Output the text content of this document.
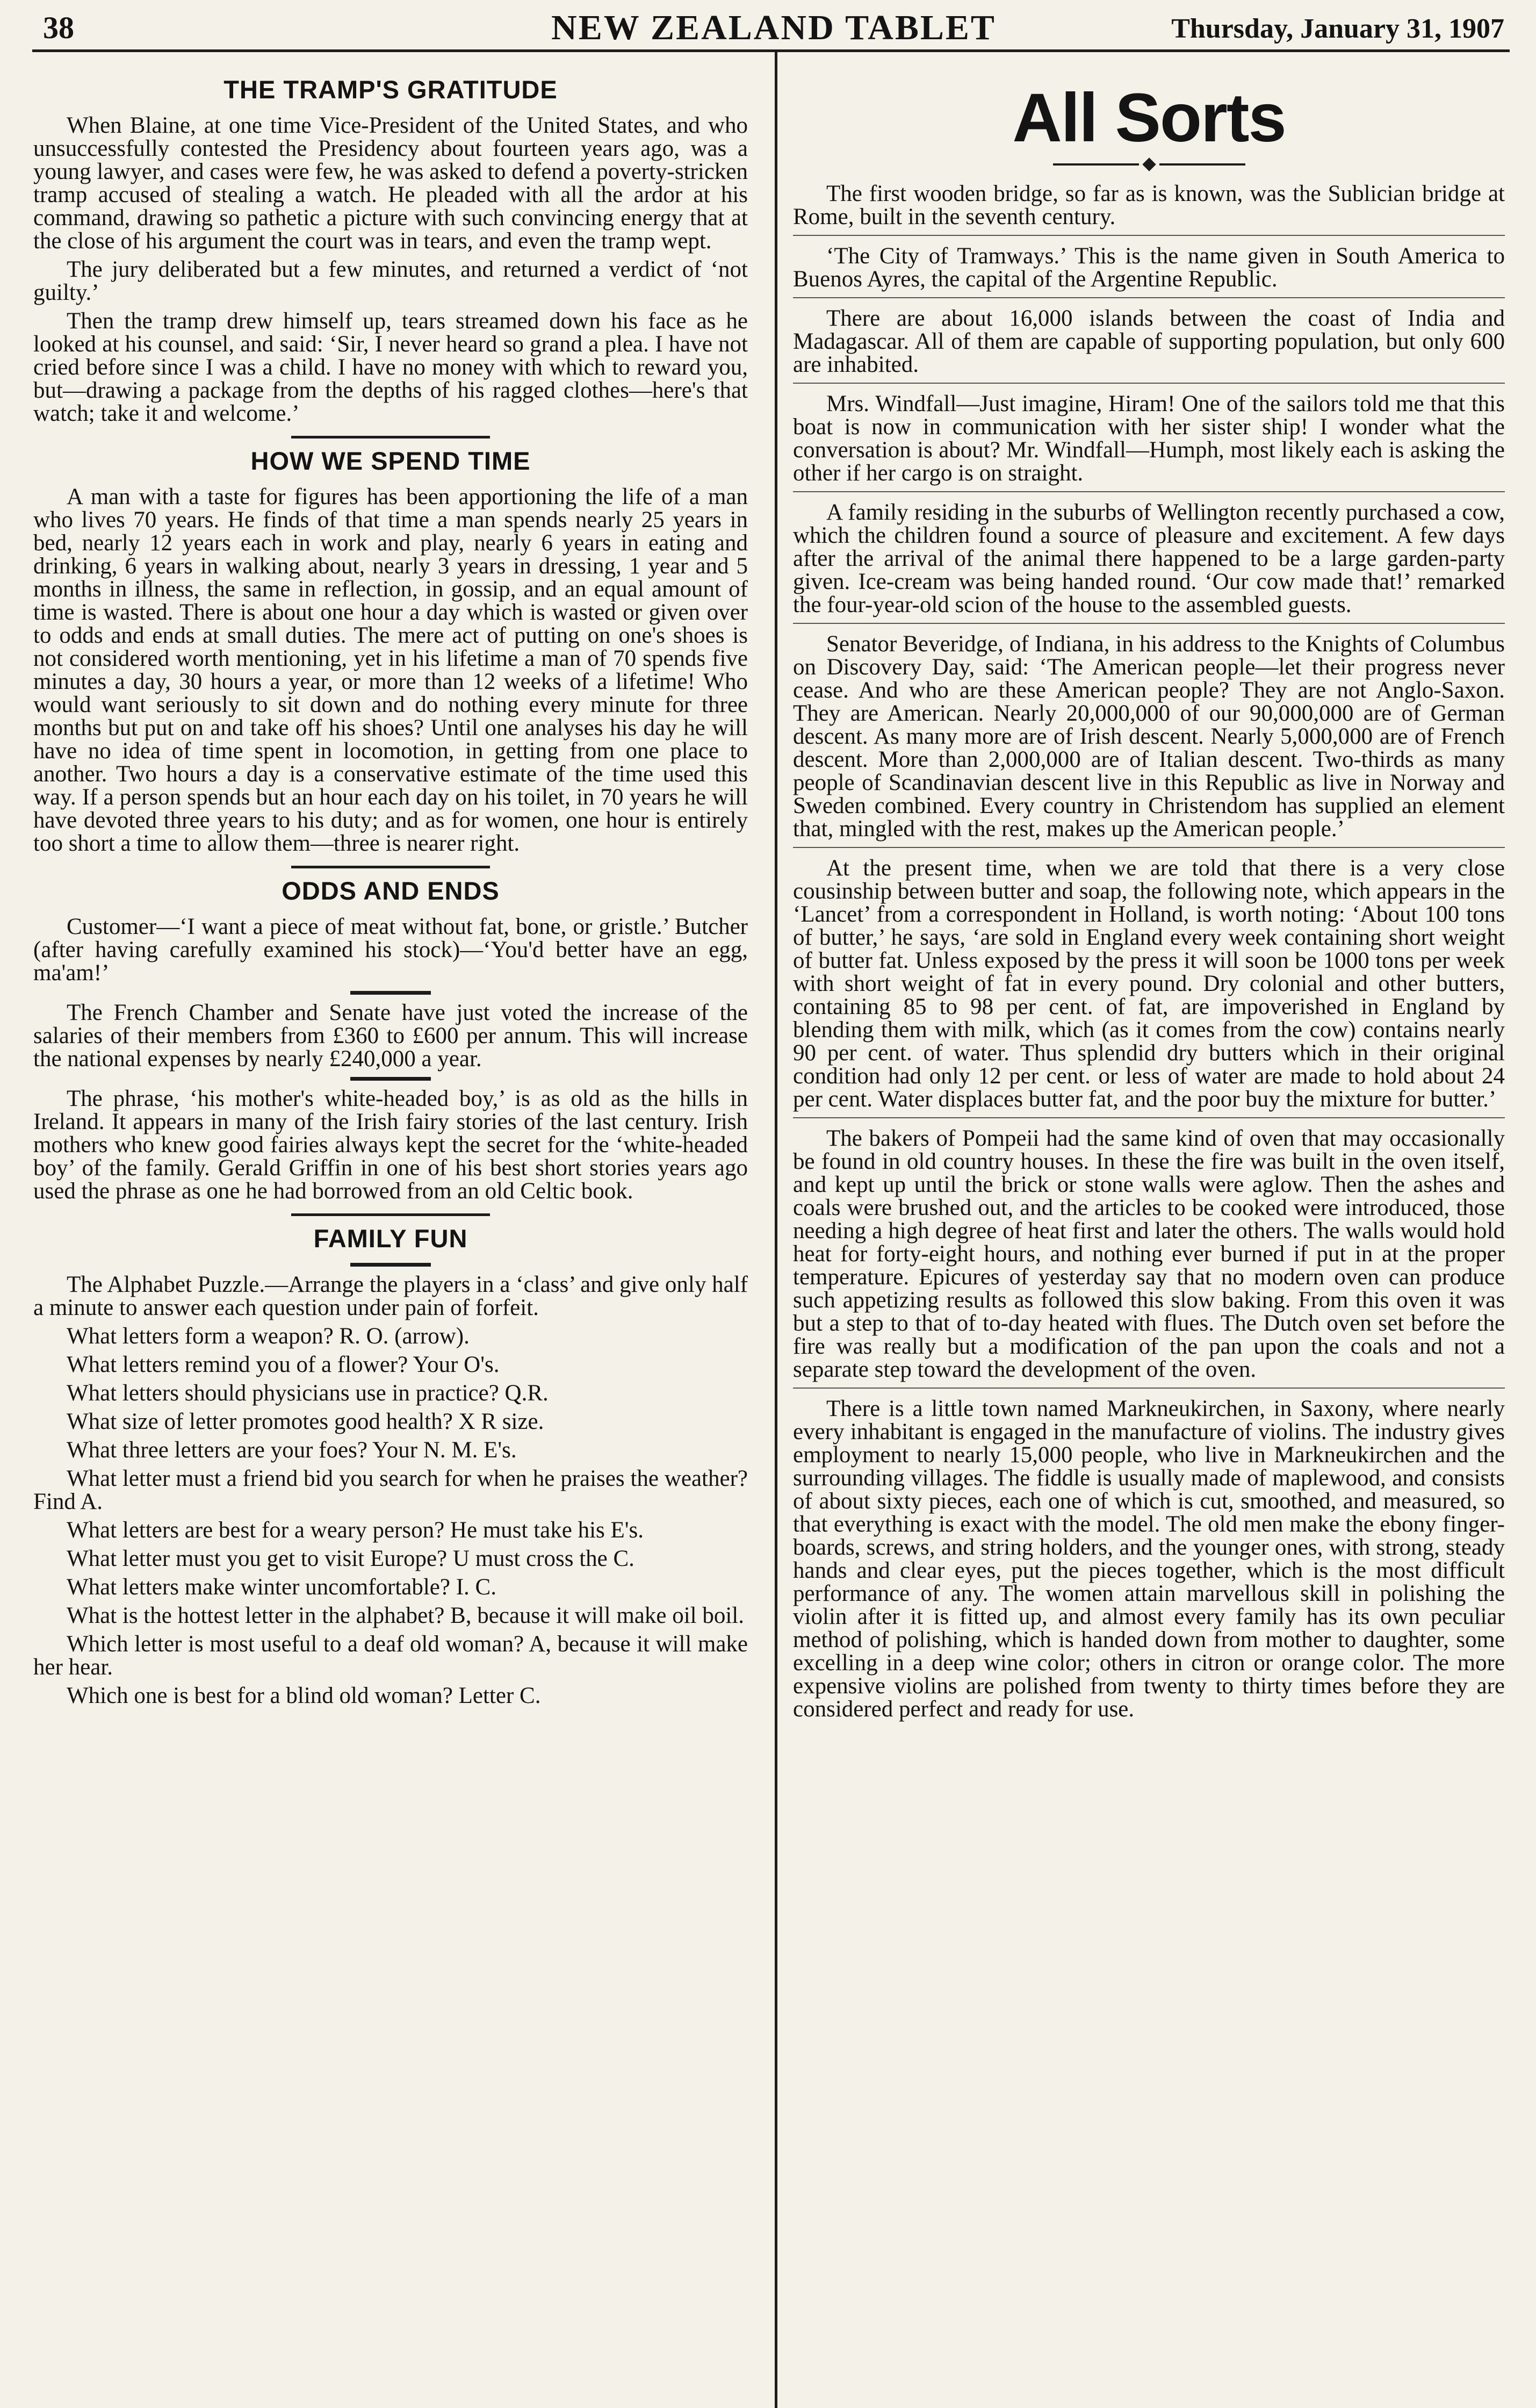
38	NEW ZEALAND TABLET	Thursday, January 31, 1907
THE TRAMP'S GRATITUDE

When Blaine, at one time Vice-President of the United States, and who unsuccessfully contested the Presidency about fourteen years ago, was a young lawyer, and cases were few, he was asked to defend a poverty-stricken tramp accused of stealing a watch. He pleaded with all the ardor at his command, drawing so pathetic a picture with such convincing energy that at the close of his argument the court was in tears, and even the tramp wept.

The jury deliberated but a few minutes, and returned a verdict of ‘not guilty.’

Then the tramp drew himself up, tears streamed down his face as he looked at his counsel, and said: ‘Sir, I never heard so grand a plea. I have not cried before since I was a child. I have no money with which to reward you, but—drawing a package from the depths of his ragged clothes—here's that watch; take it and welcome.’

HOW WE SPEND TIME

A man with a taste for figures has been apportioning the life of a man who lives 70 years. He finds of that time a man spends nearly 25 years in bed, nearly 12 years each in work and play, nearly 6 years in eating and drinking, 6 years in walking about, nearly 3 years in dressing, 1 year and 5 months in illness, the same in reflection, in gossip, and an equal amount of time is wasted. There is about one hour a day which is wasted or given over to odds and ends at small duties. The mere act of putting on one's shoes is not considered worth mentioning, yet in his lifetime a man of 70 spends five minutes a day, 30 hours a year, or more than 12 weeks of a lifetime! Who would want seriously to sit down and do nothing every minute for three months but put on and take off his shoes? Until one analyses his day he will have no idea of time spent in locomotion, in getting from one place to another. Two hours a day is a conservative estimate of the time used this way. If a person spends but an hour each day on his toilet, in 70 years he will have devoted three years to his duty; and as for women, one hour is entirely too short a time to allow them—three is nearer right.

ODDS AND ENDS

Customer—‘I want a piece of meat without fat, bone, or gristle.’ Butcher (after having carefully examined his stock)—‘You'd better have an egg, ma'am!’

The French Chamber and Senate have just voted the increase of the salaries of their members from £360 to £600 per annum. This will increase the national expenses by nearly £240,000 a year.

The phrase, ‘his mother's white-headed boy,’ is as old as the hills in Ireland. It appears in many of the Irish fairy stories of the last century. Irish mothers who knew good fairies always kept the secret for the ‘white-headed boy’ of the family. Gerald Griffin in one of his best short stories years ago used the phrase as one he had borrowed from an old Celtic book.

FAMILY FUN

The Alphabet Puzzle.—Arrange the players in a ‘class’ and give only half a minute to answer each question under pain of forfeit.

What letters form a weapon? R. O. (arrow).

What letters remind you of a flower? Your O's.

What letters should physicians use in practice? Q.R.

What size of letter promotes good health? X R size.

What three letters are your foes? Your N. M. E's.

What letter must a friend bid you search for when he praises the weather? Find A.

What letters are best for a weary person? He must take his E's.

What letter must you get to visit Europe? U must cross the C.

What letters make winter uncomfortable? I. C.

What is the hottest letter in the alphabet? B, because it will make oil boil.

Which letter is most useful to a deaf old woman? A, because it will make her hear.

Which one is best for a blind old woman? Letter C.

All Sorts

The first wooden bridge, so far as is known, was the Sublician bridge at Rome, built in the seventh century.

‘The City of Tramways.’ This is the name given in South America to Buenos Ayres, the capital of the Argentine Republic.

There are about 16,000 islands between the coast of India and Madagascar. All of them are capable of supporting population, but only 600 are inhabited.

Mrs. Windfall—Just imagine, Hiram! One of the sailors told me that this boat is now in communication with her sister ship! I wonder what the conversation is about? Mr. Windfall—Humph, most likely each is asking the other if her cargo is on straight.

A family residing in the suburbs of Wellington recently purchased a cow, which the children found a source of pleasure and excitement. A few days after the arrival of the animal there happened to be a large garden-party given. Ice-cream was being handed round. ‘Our cow made that!’ remarked the four-year-old scion of the house to the assembled guests.

Senator Beveridge, of Indiana, in his address to the Knights of Columbus on Discovery Day, said: ‘The American people—let their progress never cease. And who are these American people? They are not Anglo-Saxon. They are American. Nearly 20,000,000 of our 90,000,000 are of German descent. As many more are of Irish descent. Nearly 5,000,000 are of French descent. More than 2,000,000 are of Italian descent. Two-thirds as many people of Scandinavian descent live in this Republic as live in Norway and Sweden combined. Every country in Christendom has supplied an element that, mingled with the rest, makes up the American people.’

At the present time, when we are told that there is a very close cousinship between butter and soap, the following note, which appears in the ‘Lancet’ from a correspondent in Holland, is worth noting: ‘About 100 tons of butter,’ he says, ‘are sold in England every week containing short weight of butter fat. Unless exposed by the press it will soon be 1000 tons per week with short weight of fat in every pound. Dry colonial and other butters, containing 85 to 98 per cent. of fat, are impoverished in England by blending them with milk, which (as it comes from the cow) contains nearly 90 per cent. of water. Thus splendid dry butters which in their original condition had only 12 per cent. or less of water are made to hold about 24 per cent. Water displaces butter fat, and the poor buy the mixture for butter.’

The bakers of Pompeii had the same kind of oven that may occasionally be found in old country houses. In these the fire was built in the oven itself, and kept up until the brick or stone walls were aglow. Then the ashes and coals were brushed out, and the articles to be cooked were introduced, those needing a high degree of heat first and later the others. The walls would hold heat for forty-eight hours, and nothing ever burned if put in at the proper temperature. Epicures of yesterday say that no modern oven can produce such appetizing results as followed this slow baking. From this oven it was but a step to that of to-day heated with flues. The Dutch oven set before the fire was really but a modification of the pan upon the coals and not a separate step toward the development of the oven.

There is a little town named Markneukirchen, in Saxony, where nearly every inhabitant is engaged in the manufacture of violins. The industry gives employment to nearly 15,000 people, who live in Markneukirchen and the surrounding villages. The fiddle is usually made of maplewood, and consists of about sixty pieces, each one of which is cut, smoothed, and measured, so that everything is exact with the model. The old men make the ebony finger-boards, screws, and string holders, and the younger ones, with strong, steady hands and clear eyes, put the pieces together, which is the most difficult performance of any. The women attain marvellous skill in polishing the violin after it is fitted up, and almost every family has its own peculiar method of polishing, which is handed down from mother to daughter, some excelling in a deep wine color; others in citron or orange color. The more expensive violins are polished from twenty to thirty times before they are considered perfect and ready for use.
